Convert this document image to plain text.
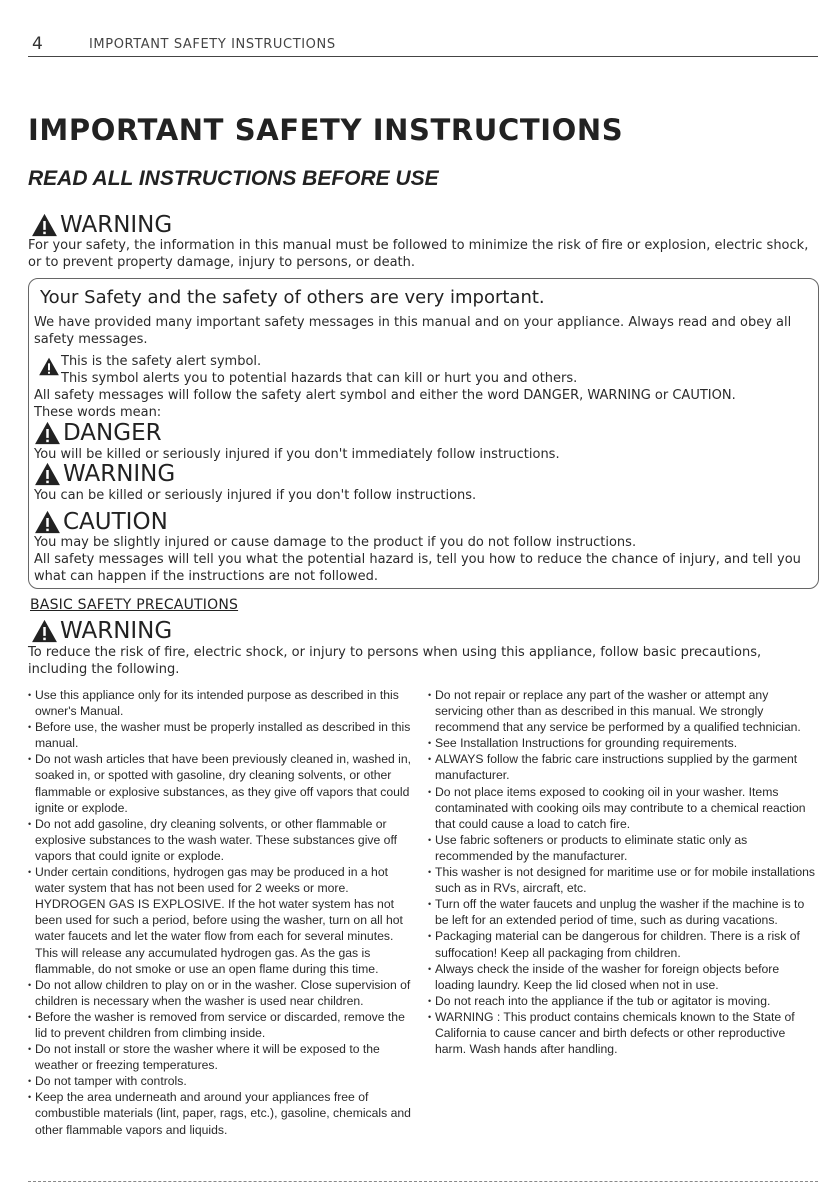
4	IMPORTANT SAFETY INSTRUCTIONS
IMPORTANT SAFETY INSTRUCTIONS
READ ALL INSTRUCTIONS BEFORE USE
WARNING
For your safety, the information in this manual must be followed to minimize the risk of fire or explosion, electric shock, or to prevent property damage, injury to persons, or death.
Your Safety and the safety of others are very important.
We have provided many important safety messages in this manual and on your appliance. Always read and obey all safety messages.
This is the safety alert symbol.
This symbol alerts you to potential hazards that can kill or hurt you and others.
All safety messages will follow the safety alert symbol and either the word DANGER, WARNING or CAUTION.
These words mean:
DANGER
You will be killed or seriously injured if you don't immediately follow instructions.
WARNING
You can be killed or seriously injured if you don't follow instructions.
CAUTION
You may be slightly injured or cause damage to the product if you do not follow instructions.
All safety messages will tell you what the potential hazard is, tell you how to reduce the chance of injury, and tell you what can happen if the instructions are not followed.
BASIC SAFETY PRECAUTIONS
WARNING
To reduce the risk of fire, electric shock, or injury to persons when using this appliance, follow basic precautions, including the following.
• Use this appliance only for its intended purpose as described in this owner's Manual.
• Before use, the washer must be properly installed as described in this manual.
• Do not wash articles that have been previously cleaned in, washed in, soaked in, or spotted with gasoline, dry cleaning solvents, or other flammable or explosive substances, as they give off vapors that could ignite or explode.
• Do not add gasoline, dry cleaning solvents, or other flammable or explosive substances to the wash water. These substances give off vapors that could ignite or explode.
• Under certain conditions, hydrogen gas may be produced in a hot water system that has not been used for 2 weeks or more. HYDROGEN GAS IS EXPLOSIVE. If the hot water system has not been used for such a period, before using the washer, turn on all hot water faucets and let the water flow from each for several minutes. This will release any accumulated hydrogen gas. As the gas is flammable, do not smoke or use an open flame during this time.
• Do not allow children to play on or in the washer. Close supervision of children is necessary when the washer is used near children.
• Before the washer is removed from service or discarded, remove the lid to prevent children from climbing inside.
• Do not install or store the washer where it will be exposed to the weather or freezing temperatures.
• Do not tamper with controls.
• Keep the area underneath and around your appliances free of combustible materials (lint, paper, rags, etc.), gasoline, chemicals and other flammable vapors and liquids.
• Do not repair or replace any part of the washer or attempt any servicing other than as described in this manual. We strongly recommend that any service be performed by a qualified technician.
• See Installation Instructions for grounding requirements.
• ALWAYS follow the fabric care instructions supplied by the garment manufacturer.
• Do not place items exposed to cooking oil in your washer. Items contaminated with cooking oils may contribute to a chemical reaction that could cause a load to catch fire.
• Use fabric softeners or products to eliminate static only as recommended by the manufacturer.
• This washer is not designed for maritime use or for mobile installations such as in RVs, aircraft, etc.
• Turn off the water faucets and unplug the washer if the machine is to be left for an extended period of time, such as during vacations.
• Packaging material can be dangerous for children. There is a risk of suffocation! Keep all packaging from children.
• Always check the inside of the washer for foreign objects before loading laundry. Keep the lid closed when not in use.
• Do not reach into the appliance if the tub or agitator is moving.
• WARNING : This product contains chemicals known to the State of California to cause cancer and birth defects or other reproductive harm. Wash hands after handling.
